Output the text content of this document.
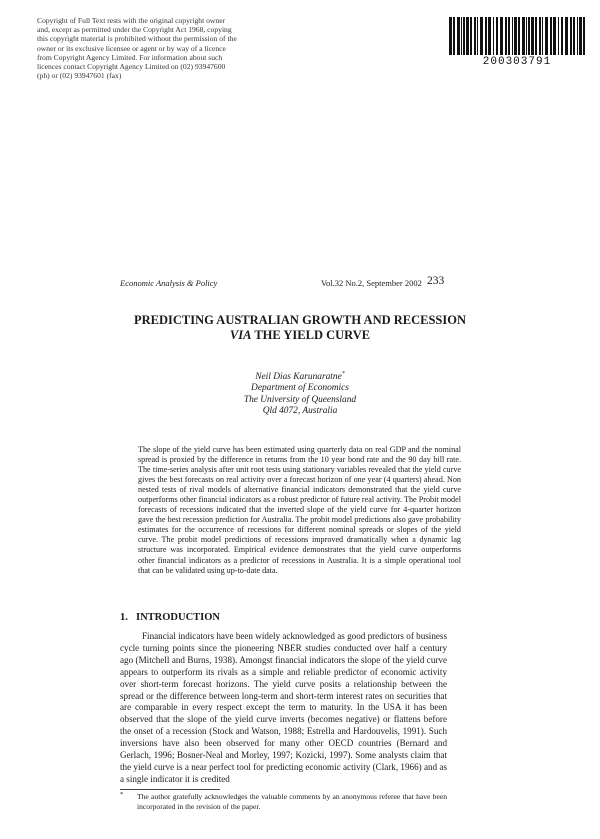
Copyright of Full Text rests with the original copyright owner and, except as permitted under the Copyright Act 1968, copying this copyright material is prohibited without the permission of the owner or its exclusive licensee or agent or by way of a licence from Copyright Agency Limited. For information about such licences contact Copyright Agency Limited on (02) 93947600 (ph) or (02) 93947601 (fax)
200303791
Economic Analysis & Policy	Vol.32 No.2, September 2002 233
PREDICTING AUSTRALIAN GROWTH AND RECESSION
VIA THE YIELD CURVE
Neil Dias Karunaratne*
Department of Economics
The University of Queensland
Qld 4072, Australia
The slope of the yield curve has been estimated using quarterly data on real GDP and the nominal spread is proxied by the difference in returns from the 10 year bond rate and the 90 day bill rate. The time-series analysis after unit root tests using stationary variables revealed that the yield curve gives the best forecasts on real activity over a forecast horizon of one year (4 quarters) ahead. Non nested tests of rival models of alternative financial indicators demonstrated that the yield curve outperforms other financial indicators as a robust predictor of future real activity. The Probit model forecasts of recessions indicated that the inverted slope of the yield curve for 4-quarter horizon gave the best recession prediction for Australia. The probit model predictions also gave probability estimates for the occurrence of recessions for different nominal spreads or slopes of the yield curve. The probit model predictions of recessions improved dramatically when a dynamic lag structure was incorporated. Empirical evidence demonstrates that the yield curve outperforms other financial indicators as a predictor of recessions in Australia. It is a simple operational tool that can be validated using up-to-date data.
1. INTRODUCTION
Financial indicators have been widely acknowledged as good predictors of business cycle turning points since the pioneering NBER studies conducted over half a century ago (Mitchell and Burns, 1938). Amongst financial indicators the slope of the yield curve appears to outperform its rivals as a simple and reliable predictor of economic activity over short-term forecast horizons. The yield curve posits a relationship between the spread or the difference between long-term and short-term interest rates on securities that are comparable in every respect except the term to maturity. In the USA it has been observed that the slope of the yield curve inverts (becomes negative) or flattens before the onset of a recession (Stock and Watson, 1988; Estrella and Hardouvelis, 1991). Such inversions have also been observed for many other OECD countries (Bernard and Gerlach, 1996; Bosner-Neal and Morley, 1997; Kozicki, 1997). Some analysts claim that the yield curve is a near perfect tool for predicting economic activity (Clark, 1966) and as a single indicator it is credited
*	The author gratefully acknowledges the valuable comments by an anonymous referee that have been incorporated in the revision of the paper.
